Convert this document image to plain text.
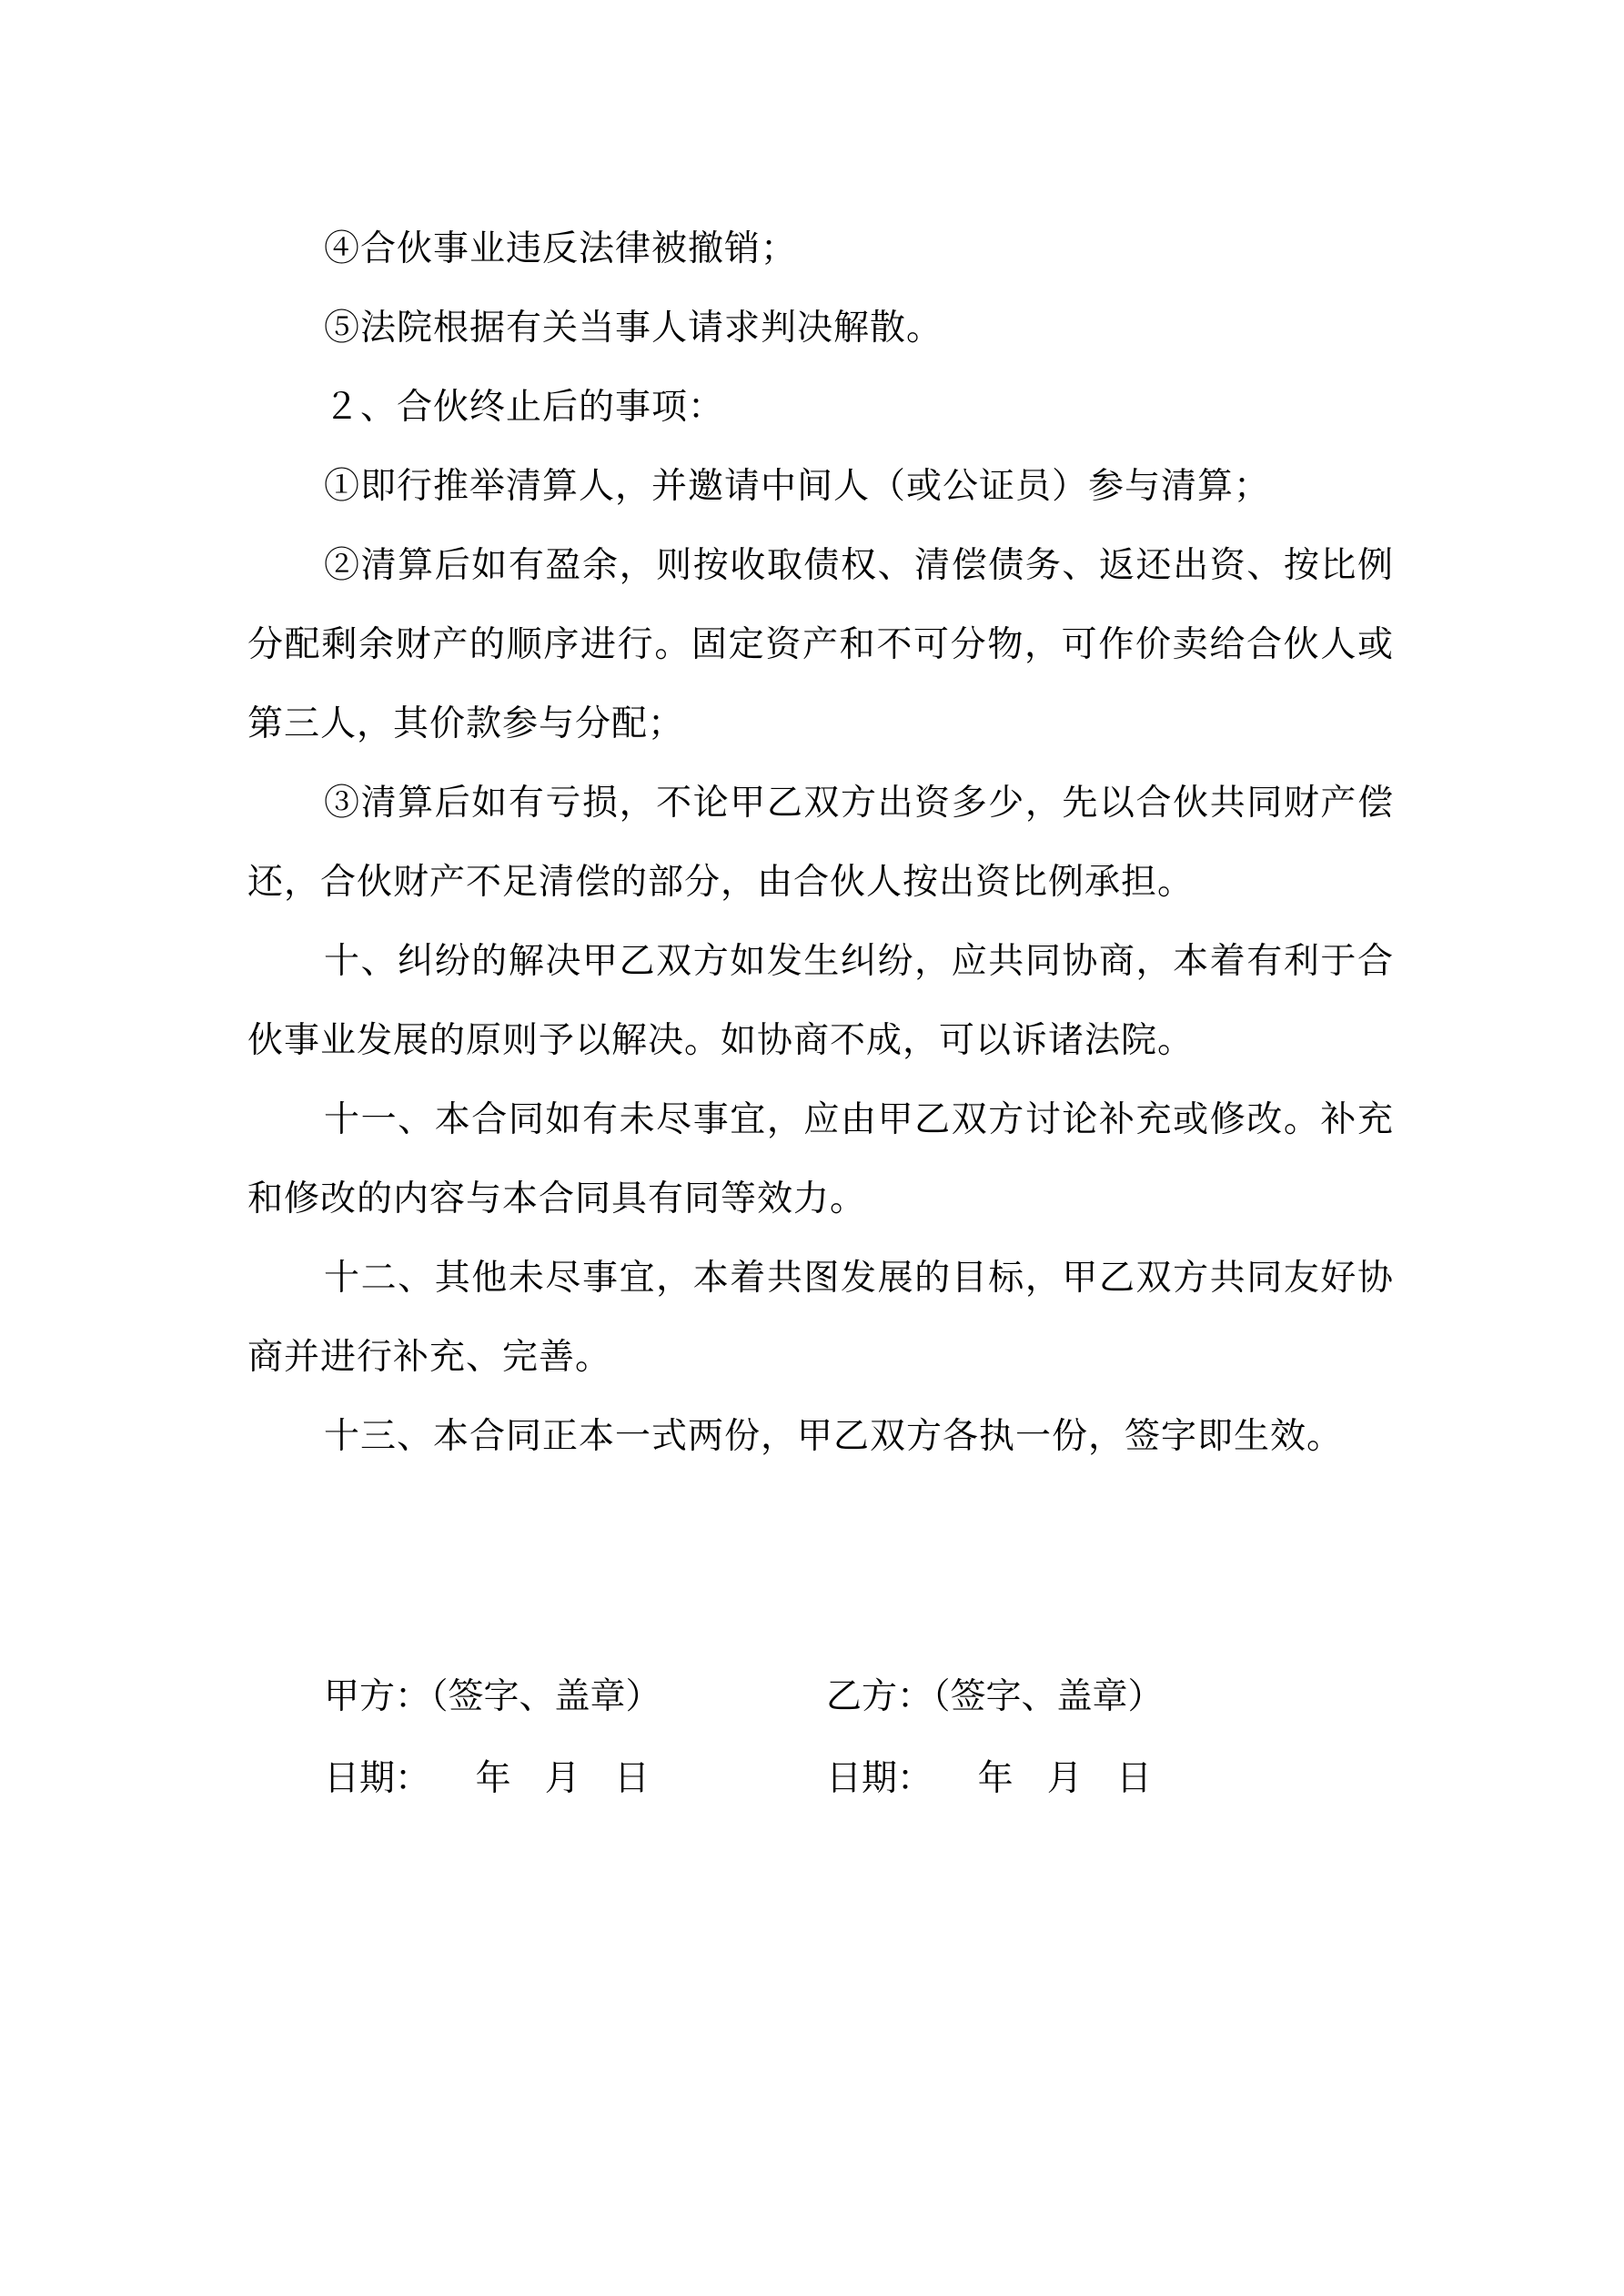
④合伙事业违反法律被撤销；

⑤法院根据有关当事人请求判决解散。

２、合伙终止后的事项：

①即行推举清算人，并邀请中间人（或公证员）参与清算；

②清算后如有盈余，则按收取债权、清偿债务、返还出资、按比例分配剩余财产的顺序进行。固定资产和不可分物，可作价卖给合伙人或第三人，其价款参与分配；

③清算后如有亏损，不论甲乙双方出资多少，先以合伙共同财产偿还，合伙财产不足清偿的部分，由合伙人按出资比例承担。

十、纠纷的解决甲乙双方如发生纠纷，应共同协商，本着有利于合伙事业发展的原则予以解决。如协商不成，可以诉诸法院。

十一、本合同如有未尽事宜，应由甲乙双方讨论补充或修改。补充和修改的内容与本合同具有同等效力。

十二、其他未尽事宜，本着共图发展的目标，甲乙双方共同友好协商并进行补充、完善。

十三、本合同正本一式两份，甲乙双方各执一份，签字即生效。

甲方：（签字、盖章）	乙方：（签字、盖章）
日期：    年   月   日	日期：    年   月   日
